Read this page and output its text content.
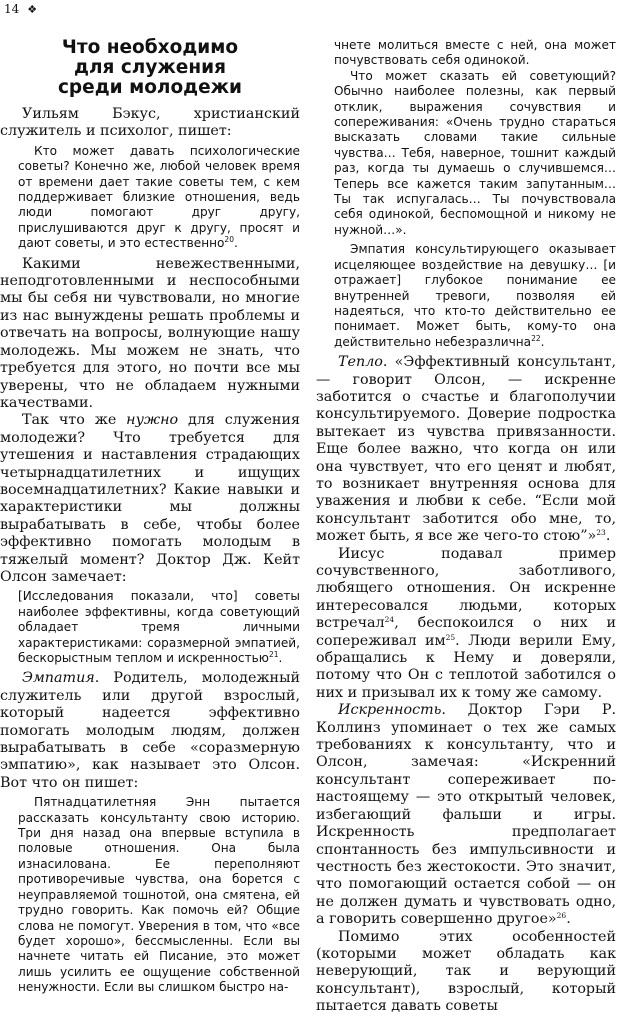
14 ❖
Что необходимо
для служения
среди молодежи

Уильям Бэкус, христианский служитель и психолог, пишет:

Кто может давать психологические советы? Конечно же, любой человек время от времени дает такие советы тем, с кем поддерживает близкие отношения, ведь люди помогают друг другу, прислушиваются друг к другу, просят и дают советы, и это естественно$^{20}$.

Какими невежественными, неподготовленными и неспособными мы бы себя ни чувствовали, но многие из нас вынуждены решать проблемы и отвечать на вопросы, волнующие нашу молодежь. Мы можем не знать, что требуется для этого, но почти все мы уверены, что не обладаем нужными качествами.

Так что же нужно для служения молодежи? Что требуется для утешения и наставления страдающих четырнадцатилетних и ищущих восемнадцатилетних? Какие навыки и характеристики мы должны вырабатывать в себе, чтобы более эффективно помогать молодым в тяжелый момент? Доктор Дж. Кейт Олсон замечает:

[Исследования показали, что] советы наиболее эффективны, когда советующий обладает тремя личными характеристиками: соразмерной эмпатией, бескорыстным теплом и искренностью$^{21}$.

Эмпатия. Родитель, молодежный служитель или другой взрослый, который надеется эффективно помогать молодым людям, должен вырабатывать в себе «соразмерную эмпатию», как называет это Олсон. Вот что он пишет:

Пятнадцатилетняя Энн пытается рассказать консультанту свою историю. Три дня назад она впервые вступила в половые отношения. Она была изнасилована. Ее переполняют противоречивые чувства, она борется с неуправляемой тошнотой, она смятена, ей трудно говорить. Как помочь ей? Общие слова не помогут. Уверения в том, что «все будет хорошо», бессмысленны. Если вы начнете читать ей Писание, это может лишь усилить ее ощущение собственной ненужности. Если вы слишком быстро на-

чнете молиться вместе с ней, она может почувствовать себя одинокой.

Что может сказать ей советующий? Обычно наиболее полезны, как первый отклик, выражения сочувствия и сопереживания: «Очень трудно стараться высказать словами такие сильные чувства… Тебя, наверное, тошнит каждый раз, когда ты думаешь о случившемся… Теперь все кажется таким запутанным… Ты так испугалась… Ты почувствовала себя одинокой, беспомощной и никому не нужной…».

Эмпатия консультирующего оказывает исцеляющее воздействие на девушку… [и отражает] глубокое понимание ее внутренней тревоги, позволяя ей надеяться, что кто-то действительно ее понимает. Может быть, кому-то она действительно небезразлична$^{22}$.

Тепло. «Эффективный консультант, — говорит Олсон, — искренне заботится о счастье и благополучии консультируемого. Доверие подростка вытекает из чувства привязанности. Еще более важно, что когда он или она чувствует, что его ценят и любят, то возникает внутренняя основа для уважения и любви к себе. “Если мой консультант заботится обо мне, то, может быть, я все же чего-то стою”»$^{23}$.

Иисус подавал пример сочувственного, заботливого, любящего отношения. Он искренне интересовался людьми, которых встречал$^{24}$, беспокоился о них и сопереживал $им^{25}$. Люди верили Ему, обращались к Нему и доверяли, потому что Он с теплотой заботился о них и призывал их к тому же самому.

Искренность. Доктор Гэри Р. Коллинз упоминает о тех же самых требованиях к консультанту, что и Олсон, замечая: «Искренний консультант сопереживает по-настоящему — это открытый человек, избегающий фальши и игры. Искренность предполагает спонтанность без импульсивности и честность без жестокости. Это значит, что помогающий остается собой — он не должен думать и чувствовать одно, а говорить совершенно другое»$^{26}$.

Помимо этих особенностей (которыми может обладать как неверующий, так и верующий консультант), взрослый, который пытается давать советы
